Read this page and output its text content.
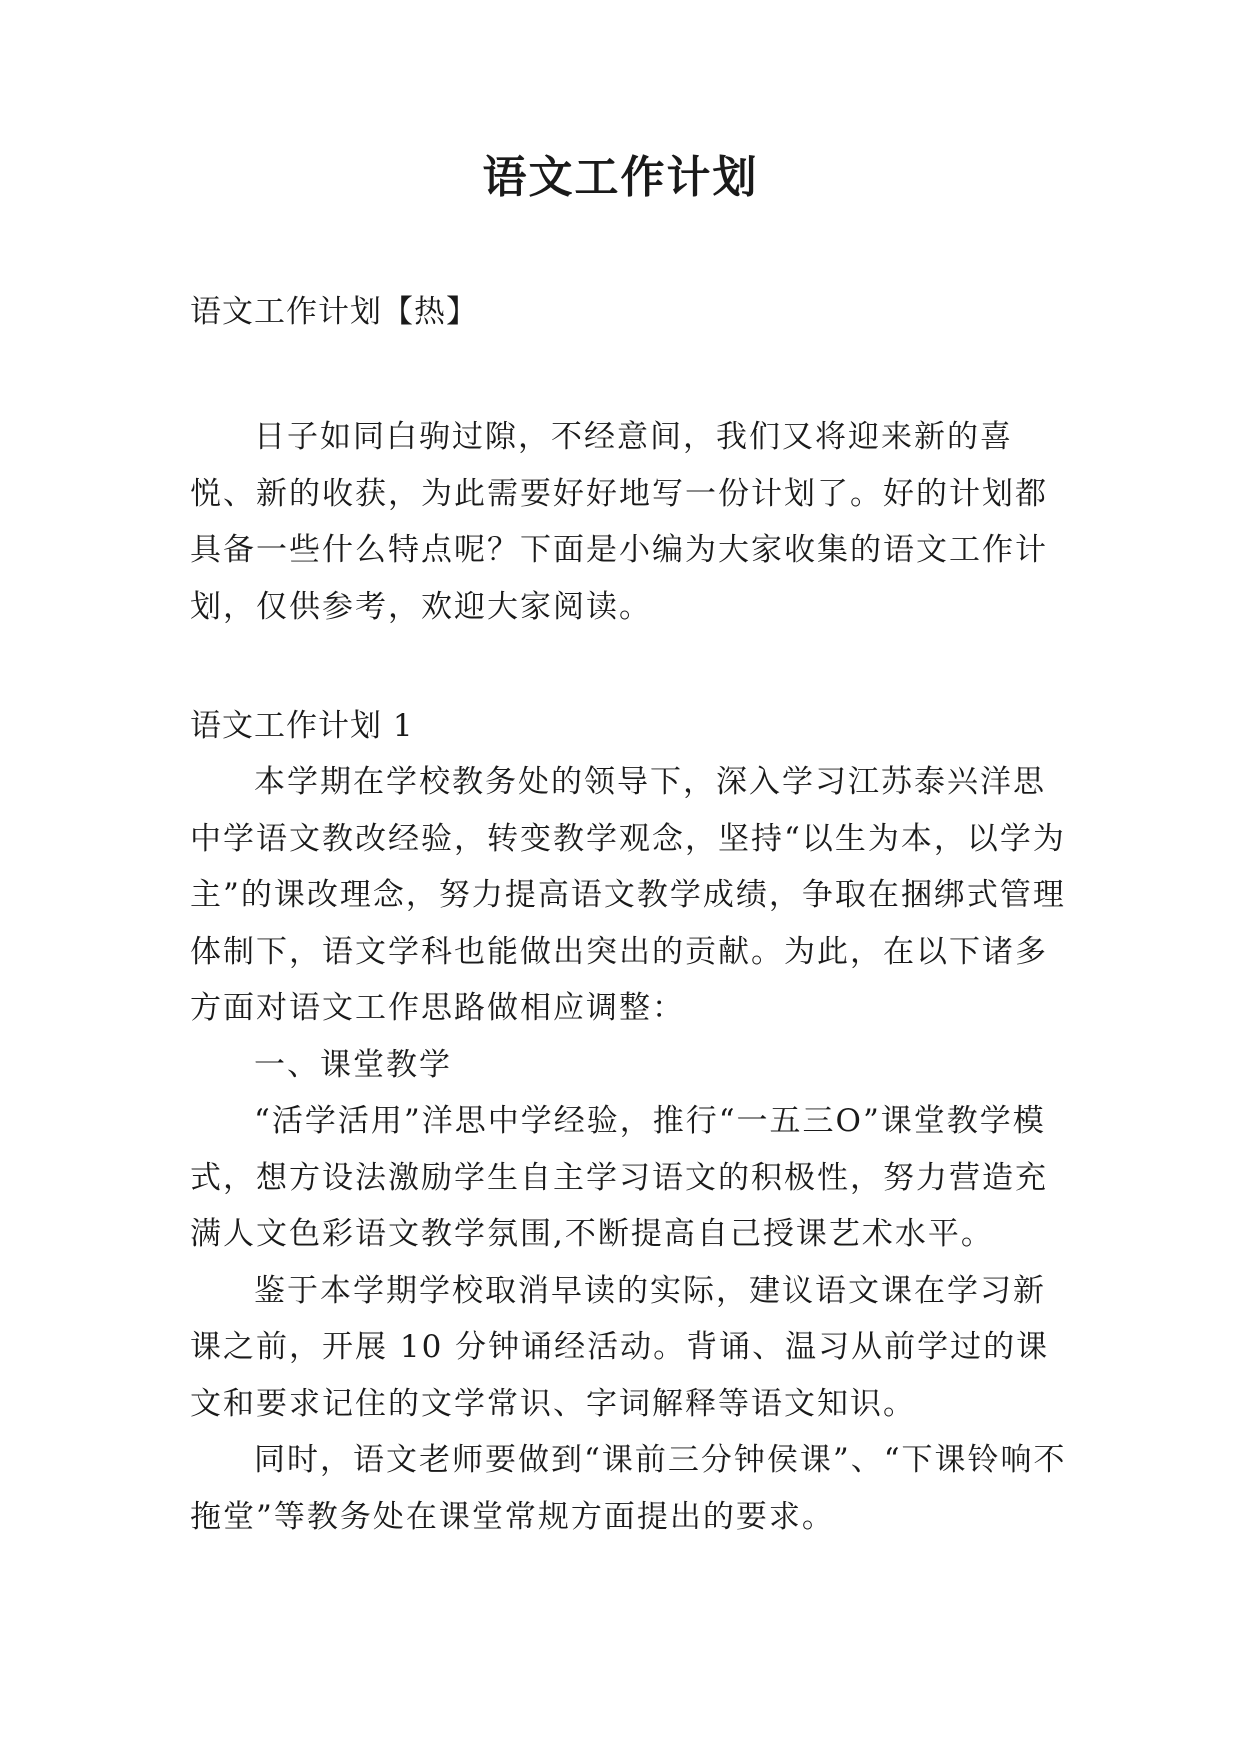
语文工作计划

语文工作计划【热】

日子如同白驹过隙，不经意间，我们又将迎来新的喜悦、新的收获，为此需要好好地写一份计划了。好的计划都具备一些什么特点呢？下面是小编为大家收集的语文工作计划，仅供参考，欢迎大家阅读。

语文工作计划 1

本学期在学校教务处的领导下，深入学习江苏泰兴洋思中学语文教改经验，转变教学观念，坚持“以生为本，以学为主”的课改理念，努力提高语文教学成绩，争取在捆绑式管理体制下，语文学科也能做出突出的贡献。为此，在以下诸多方面对语文工作思路做相应调整：

一、课堂教学

“活学活用”洋思中学经验，推行“一五三O”课堂教学模式，想方设法激励学生自主学习语文的积极性，努力营造充满人文色彩语文教学氛围,不断提高自己授课艺术水平。

鉴于本学期学校取消早读的实际，建议语文课在学习新课之前，开展 10 分钟诵经活动。背诵、温习从前学过的课文和要求记住的文学常识、字词解释等语文知识。

同时，语文老师要做到“课前三分钟侯课”、“下课铃响不拖堂”等教务处在课堂常规方面提出的要求。
